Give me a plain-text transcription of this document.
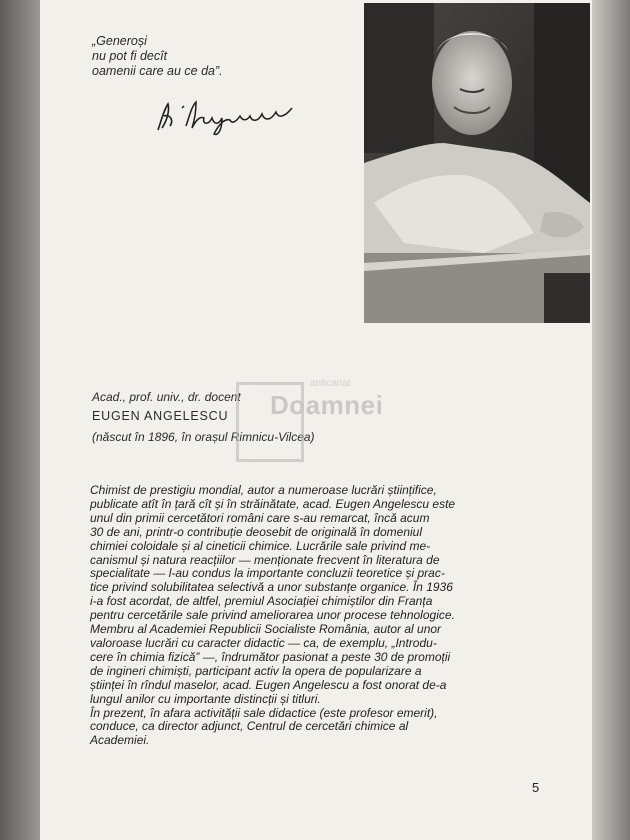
„Generoși
nu pot fi decît
oamenii care au ce da”.
Acad., prof. univ., dr. docent
EUGEN ANGELESCU
(născut în 1896, în orașul Rimnicu-Vilcea)
anticariat
Doamnei
Chimist de prestigiu mondial, autor a numeroase lucrări științifice,
publicate atît în țară cît și în străinătate, acad. Eugen Angelescu este
unul din primii cercetători români care s-au remarcat, încă acum
30 de ani, printr-o contribuție deosebit de originală în domeniul
chimiei coloidale și al cineticii chimice. Lucrările sale privind me-
canismul și natura reacțiilor — menționate frecvent în literatura de
specialitate — l-au condus la importante concluzii teoretice și prac-
tice privind solubilitatea selectivă a unor substanțe organice. În 1936
i-a fost acordat, de altfel, premiul Asociației chimiștilor din Franța
pentru cercetările sale privind ameliorarea unor procese tehnologice.
Membru al Academiei Republicii Socialiste România, autor al unor
valoroase lucrări cu caracter didactic — ca, de exemplu, „Introdu-
cere în chimia fizică” —, îndrumător pasionat a peste 30 de promoții
de ingineri chimiști, participant activ la opera de popularizare a
științei în rîndul maselor, acad. Eugen Angelescu a fost onorat de-a
lungul anilor cu importante distincții și titluri.
În prezent, în afara activității sale didactice (este profesor emerit),
conduce, ca director adjunct, Centrul de cercetări chimice al
Academiei.
5
